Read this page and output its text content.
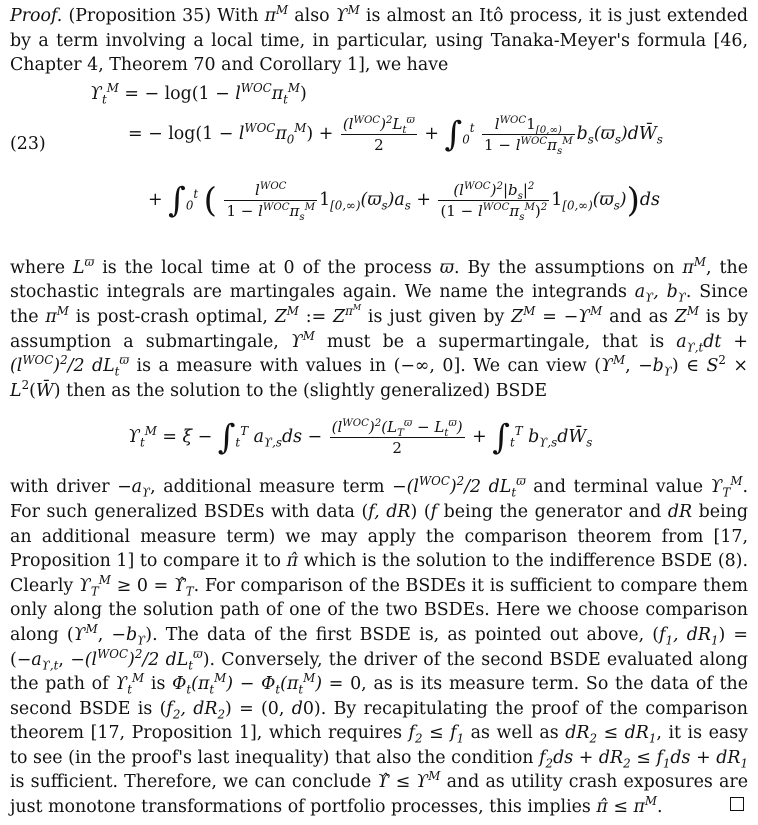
Proof. (Proposition 35) With $\pi^M$ also $ϒ^M$ is almost an Itô process, it is just extended by a term involving a local time, in particular, using Tanaka-Meyer's formula [46, Chapter 4, Theorem 70 and Corollary 1], we have
(23)
$ϒ_t^M$ = − $\log(1 - l^{WOC}\pi_t^M)$
= − $\log(1 - l^{WOC}\pi_0^M) + \frac{(l^{WOC})^2L_t^ϖ}{2} + \int_0^t \frac{l^{WOC}1_{[0,\infty)}}{1 - l^{WOC}\pi_s^M}$ $b_s(ϖ_s)dW̄_s$
+ $\int_0^t$ ( $\frac{l^{WOC}}{1 - l^{WOC}\pi_s^M} 1_{[0,\infty)}(ϖ_s)a_s + \frac{(l^{WOC})^2|b_s|^2}{(1 - l^{WOC}\pi_s^M)^2} 1_{[0,\infty)}(ϖ_s))ds$
where $L^ϖ$ is the local time at 0 of the process ϖ. By the assumptions on $\pi^M$, the stochastic integrals are martingales again. We name the integrands $a_ϒ$, $b_ϒ$. Since the $\pi^M$ is post-crash optimal, $Z^M$ := $Z^{\pi^M}$ is just given by $Z^M = -ϒ^M$ and as $Z^M$ is by assumption a submartingale, $ϒ^M$ must be a supermartingale, that is $a_{ϒ,t}dt + (l^{WOC})^2/2$ $dL_t^ϖ$ is a measure with values in (−∞, 0]. We can view ($ϒ^M$, $-b_ϒ$) ∈ $S^2$ × $L^2(W̄)$ then as the solution to the (slightly generalized) BSDE
$ϒ_t^M = \xi - \int_t^T$ $a_{ϒ,s}ds - \frac{(l^{WOC})^2(L_T^ϖ - L_t^ϖ)}{2} + \int_t^T$ $b_{ϒ,s}dW̄_s$
with driver $-a_ϒ$, additional measure term $-(l^{WOC})^2/2$ $dL_t^ϖ$ and terminal value $ϒ_T^M$. For such generalized BSDEs with data (f, dR) (f being the generator and dR being an additional measure term) we may apply the comparison theorem from [17, Proposition 1] to compare it to π̂ which is the solution to the indifference BSDE (8). Clearly $ϒ_T^M \ge 0$ = $ϒ̂_T$. For comparison of the BSDEs it is sufficient to compare them only along the solution path of one of the two BSDEs. Here we choose comparison along ($ϒ^M$, $-b_ϒ$). The data of the first BSDE is, as pointed out above, ($f_1$, $dR_1) = (-a_{ϒ,t}$, $-(l^{WOC})^2/2$ $dL_t^ϖ$). Conversely, the driver of the second BSDE evaluated along the path of $ϒ_t^M$ is $\Phi_t(\pi_t^M) - \Phi_t(\pi_t^M) = 0$, as is its measure term. So the data of the second BSDE is ($f_2$, $dR_2) = (0$, d0). By recapitulating the proof of the comparison theorem [17, Proposition 1], which requires $f_2 \le f_1$ as well as $dR_2 \le dR_1$, it is easy to see (in the proof's last inequality) that also the condition $f_2ds + dR_2 \le f_1ds + dR_1$ is sufficient. Therefore, we can conclude ϒ̂ ≤ $ϒ^M$ and as utility crash exposures are just monotone transformations of portfolio processes, this implies π̂ ≤ $\pi^M$.
